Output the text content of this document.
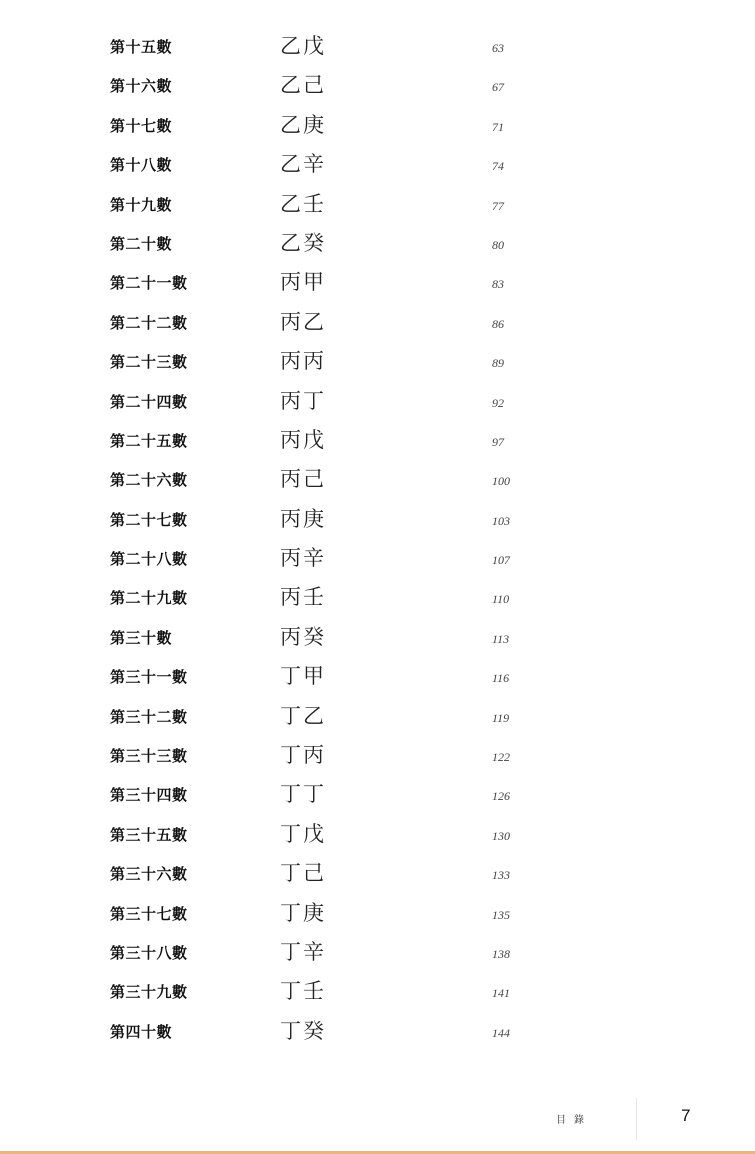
第十五數	乙戊	63
第十六數	乙己	67
第十七數	乙庚	71
第十八數	乙辛	74
第十九數	乙壬	77
第二十數	乙癸	80
第二十一數	丙甲	83
第二十二數	丙乙	86
第二十三數	丙丙	89
第二十四數	丙丁	92
第二十五數	丙戊	97
第二十六數	丙己	100
第二十七數	丙庚	103
第二十八數	丙辛	107
第二十九數	丙壬	110
第三十數	丙癸	113
第三十一數	丁甲	116
第三十二數	丁乙	119
第三十三數	丁丙	122
第三十四數	丁丁	126
第三十五數	丁戊	130
第三十六數	丁己	133
第三十七數	丁庚	135
第三十八數	丁辛	138
第三十九數	丁壬	141
第四十數	丁癸	144
目錄	7
